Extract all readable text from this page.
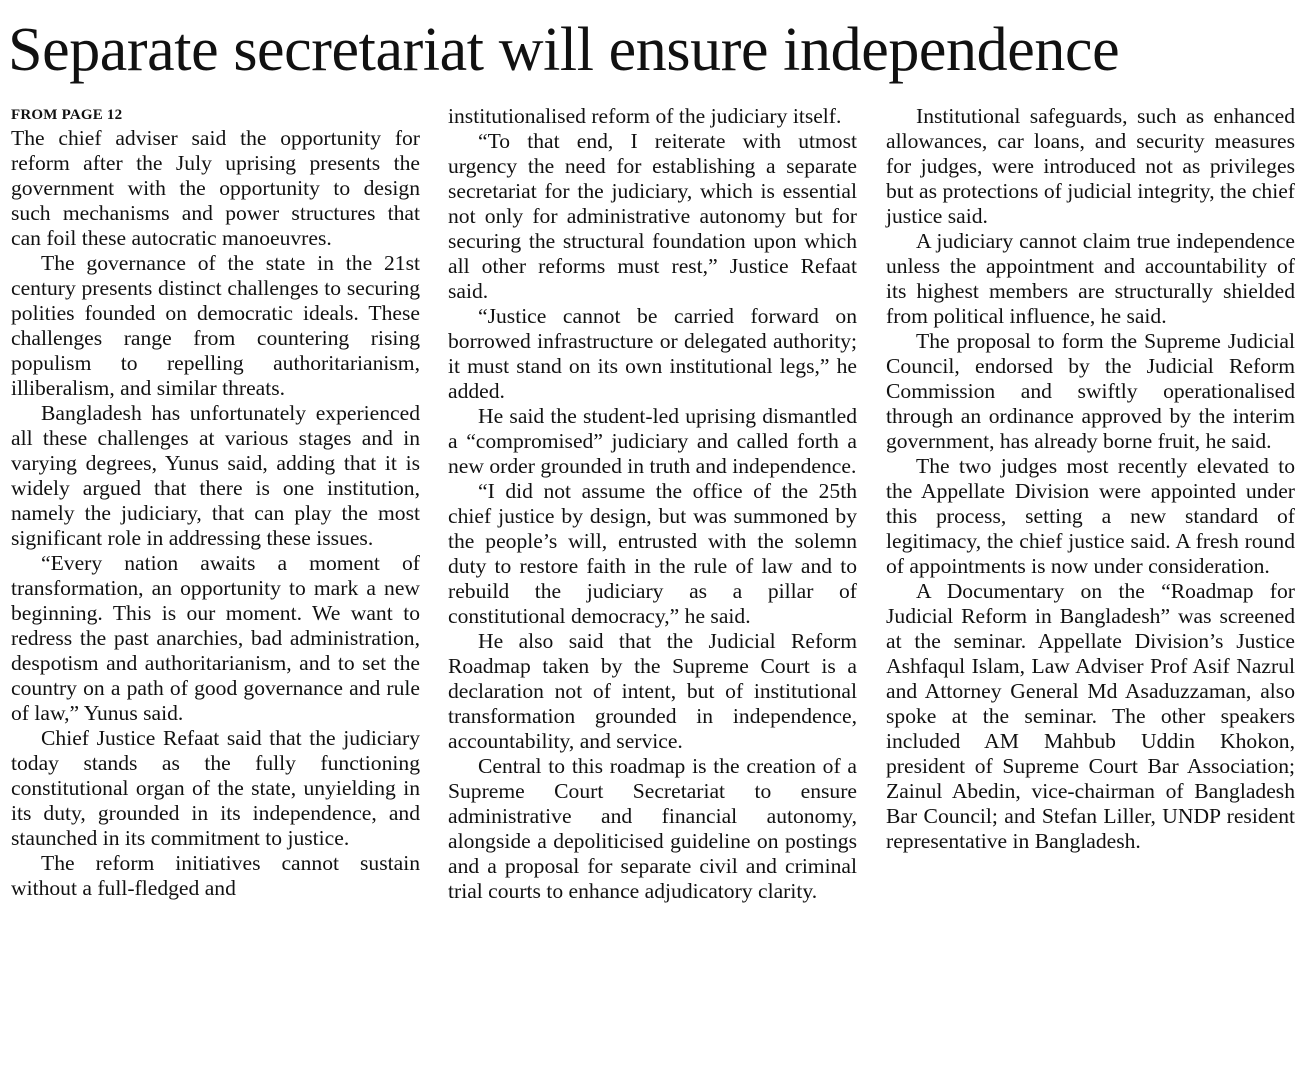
Separate secretariat will ensure independence
FROM PAGE 12

The chief adviser said the opportunity for reform after the July uprising presents the government with the opportunity to design such mechanisms and power structures that can foil these autocratic manoeuvres.

The governance of the state in the 21st century presents distinct challenges to securing polities founded on democratic ideals. These challenges range from countering rising populism to repelling authoritarianism, illiberalism, and similar threats.

Bangladesh has unfortunately experienced all these challenges at various stages and in varying degrees, Yunus said, adding that it is widely argued that there is one institution, namely the judiciary, that can play the most significant role in addressing these issues.

“Every nation awaits a moment of transformation, an opportunity to mark a new beginning. This is our moment. We want to redress the past anarchies, bad administration, despotism and authoritarianism, and to set the country on a path of good governance and rule of law,” Yunus said.

Chief Justice Refaat said that the judiciary today stands as the fully functioning constitutional organ of the state, unyielding in its duty, grounded in its independence, and staunched in its commitment to justice.

The reform initiatives cannot sustain without a full-fledged and

institutionalised reform of the judiciary itself.

“To that end, I reiterate with utmost urgency the need for establishing a separate secretariat for the judiciary, which is essential not only for administrative autonomy but for securing the structural foundation upon which all other reforms must rest,” Justice Refaat said.

“Justice cannot be carried forward on borrowed infrastructure or delegated authority; it must stand on its own institutional legs,” he added.

He said the student-led uprising dismantled a “compromised” judiciary and called forth a new order grounded in truth and independence.

“I did not assume the office of the 25th chief justice by design, but was summoned by the people’s will, entrusted with the solemn duty to restore faith in the rule of law and to rebuild the judiciary as a pillar of constitutional democracy,” he said.

He also said that the Judicial Reform Roadmap taken by the Supreme Court is a declaration not of intent, but of institutional transformation grounded in independence, accountability, and service.

Central to this roadmap is the creation of a Supreme Court Secretariat to ensure administrative and financial autonomy, alongside a depoliticised guideline on postings and a proposal for separate civil and criminal trial courts to enhance adjudicatory clarity.

Institutional safeguards, such as enhanced allowances, car loans, and security measures for judges, were introduced not as privileges but as protections of judicial integrity, the chief justice said.

A judiciary cannot claim true independence unless the appointment and accountability of its highest members are structurally shielded from political influence, he said.

The proposal to form the Supreme Judicial Council, endorsed by the Judicial Reform Commission and swiftly operationalised through an ordinance approved by the interim government, has already borne fruit, he said.

The two judges most recently elevated to the Appellate Division were appointed under this process, setting a new standard of legitimacy, the chief justice said. A fresh round of appointments is now under consideration.

A Documentary on the “Roadmap for Judicial Reform in Bangladesh” was screened at the seminar. Appellate Division’s Justice Ashfaqul Islam, Law Adviser Prof Asif Nazrul and Attorney General Md Asaduzzaman, also spoke at the seminar. The other speakers included AM Mahbub Uddin Khokon, president of Supreme Court Bar Association; Zainul Abedin, vice-chairman of Bangladesh Bar Council; and Stefan Liller, UNDP resident representative in Bangladesh.
